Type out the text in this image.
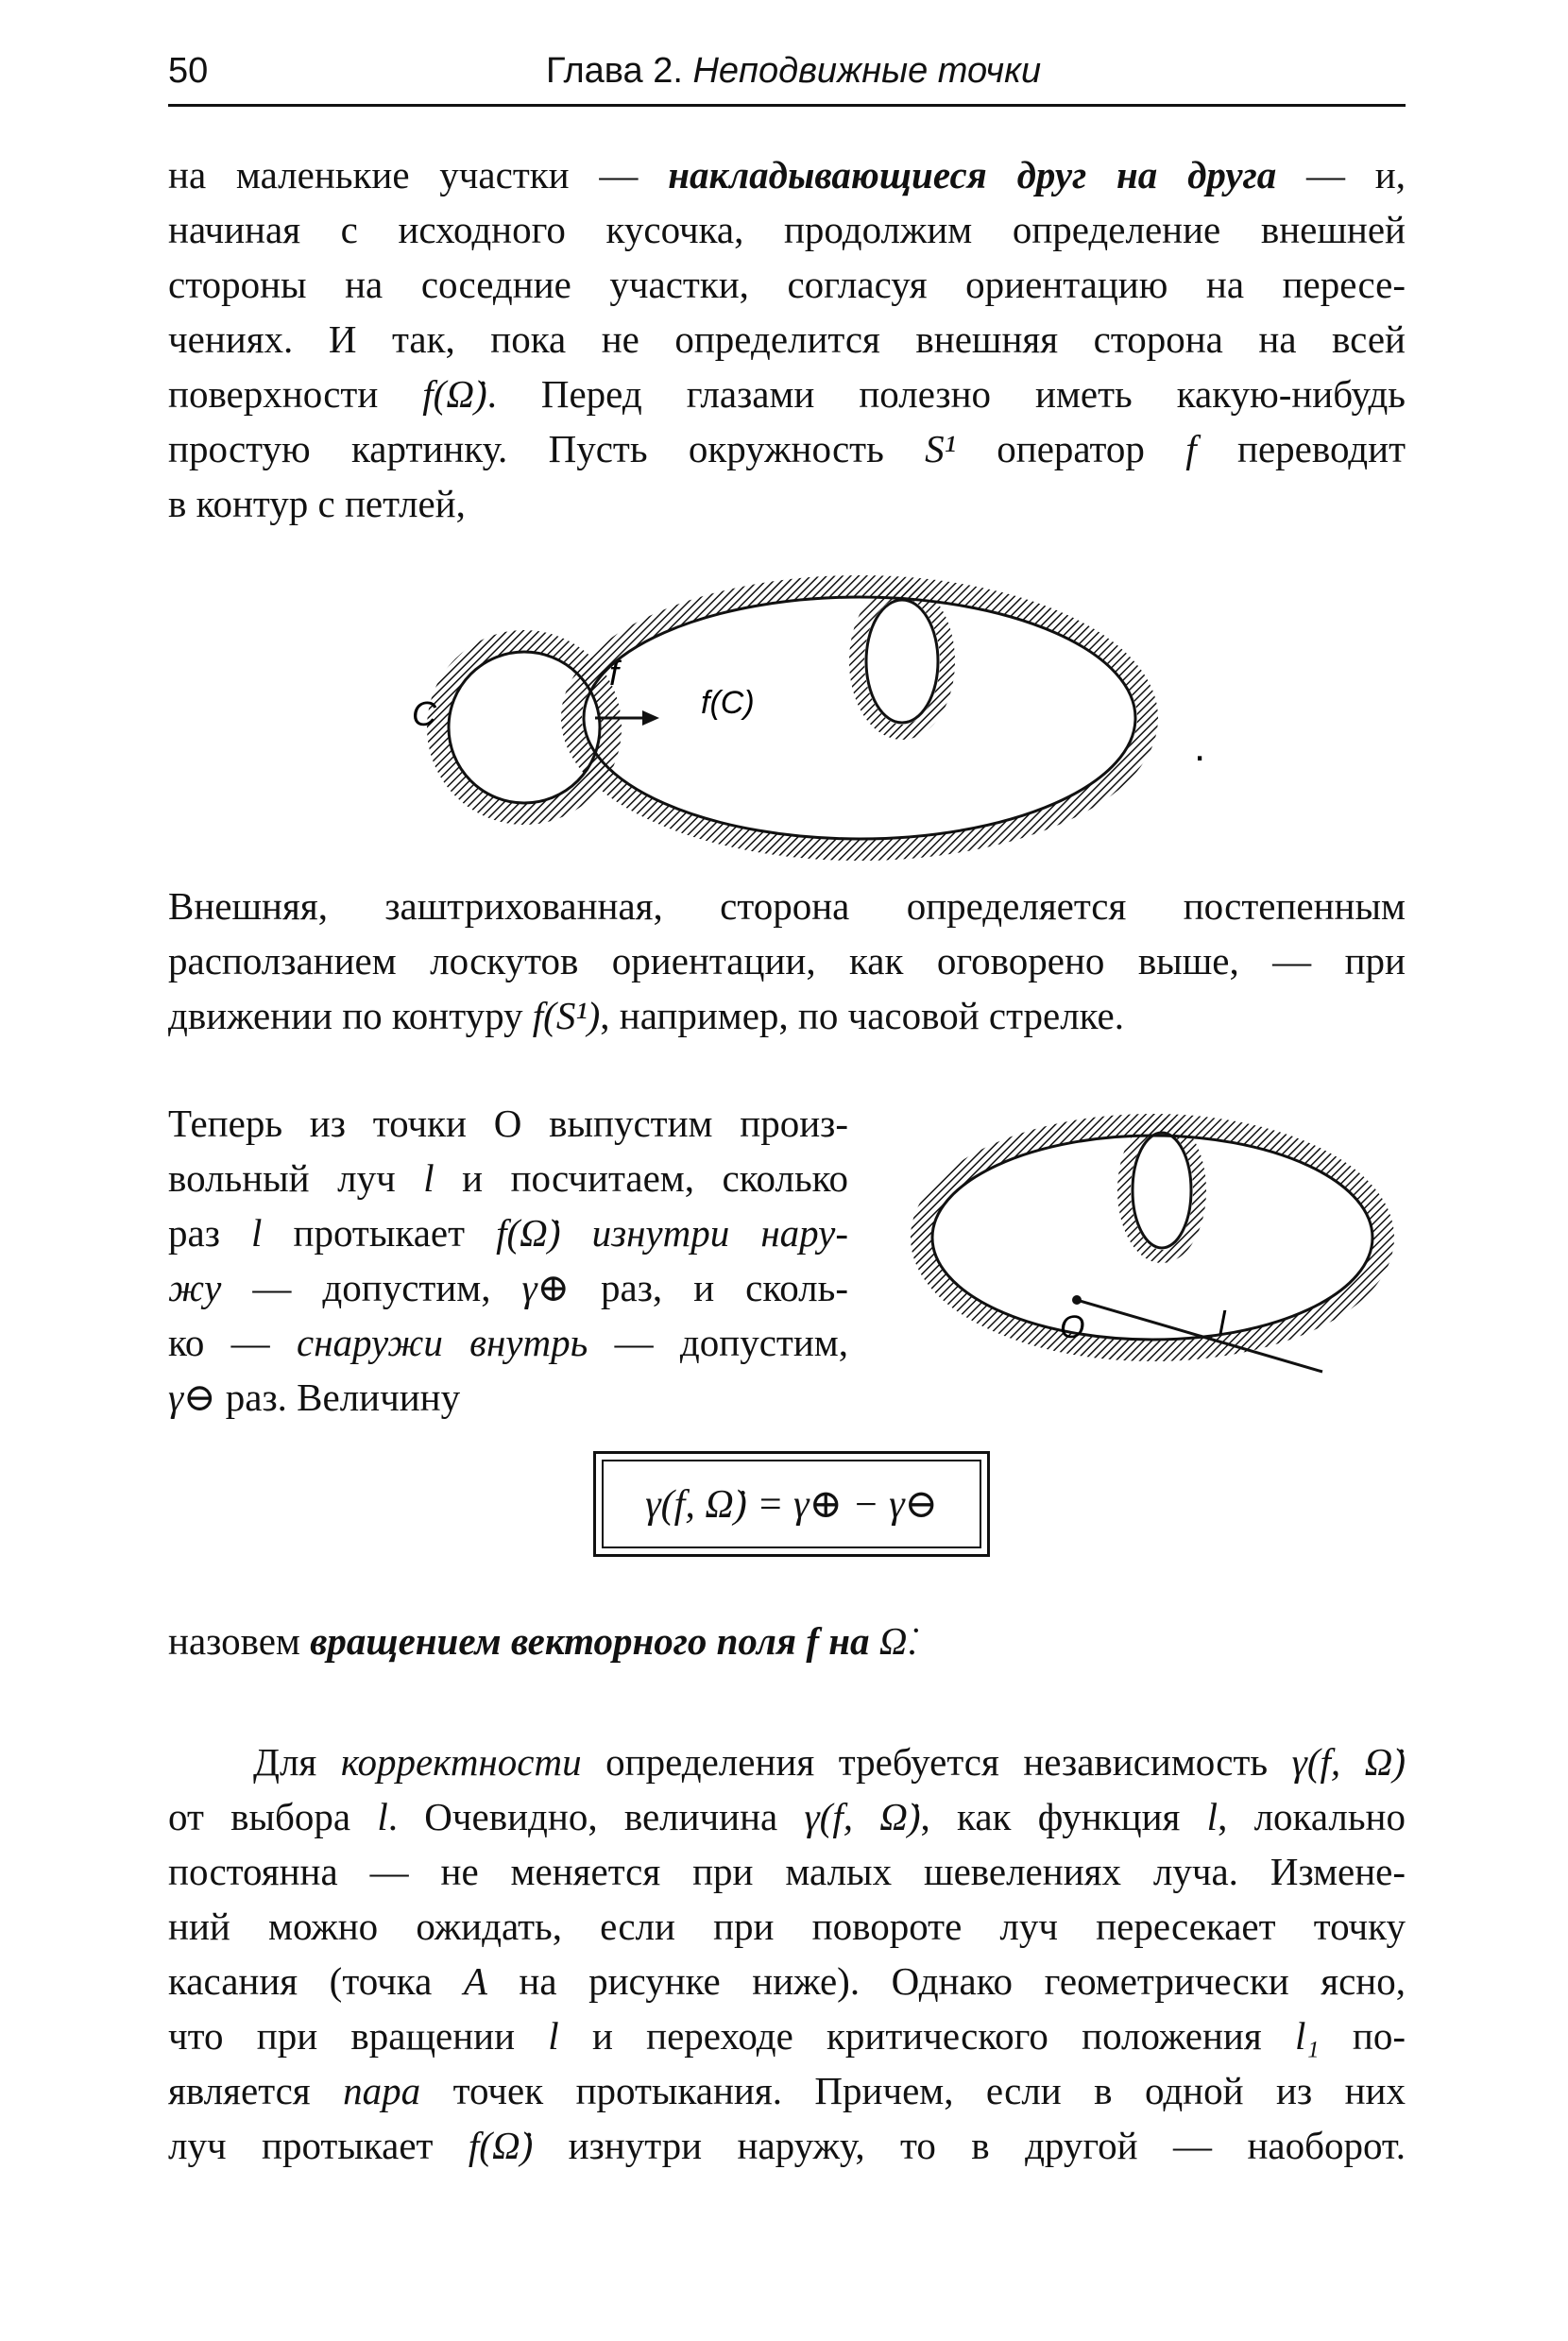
50	Глава 2. Неподвижные точки
на маленькие участки — накладывающиеся друг на друга — и,
начиная с исходного кусочка, продолжим определение внешней
стороны на соседние участки, согласуя ориентацию на пересе-
чениях. И так, пока не определится внешняя сторона на всей
поверхности f(Ω̇). Перед глазами полезно иметь какую-нибудь
простую картинку. Пусть окружность S¹ оператор f переводит
в контур с петлей,
C
f
f(C)
.
Внешняя, заштрихованная, сторона определяется постепенным
расползанием лоскутов ориентации, как оговорено выше, — при
движении по контуру f(S¹), например, по часовой стрелке.
Теперь из точки O выпустим произ-
вольный луч l и посчитаем, сколько
раз l протыкает f(Ω̇) изнутри нару-
жу — допустим, γ⊕ раз, и сколь-
ко — снаружи внутрь — допустим,
γ⊖ раз. Величину
O	l
γ(f, Ω̇) = γ⊕ − γ⊖
назовем вращением векторного поля f на Ω̇.
Для корректности определения требуется независимость γ(f, Ω̇)
от выбора l. Очевидно, величина γ(f, Ω̇), как функция l, локально
постоянна — не меняется при малых шевелениях луча. Измене-
ний можно ожидать, если при повороте луч пересекает точку
касания (точка A на рисунке ниже). Однако геометрически ясно,
что при вращении l и переходе критического положения l₁ по-
является пара точек протыкания. Причем, если в одной из них
луч протыкает f(Ω̇) изнутри наружу, то в другой — наоборот.
